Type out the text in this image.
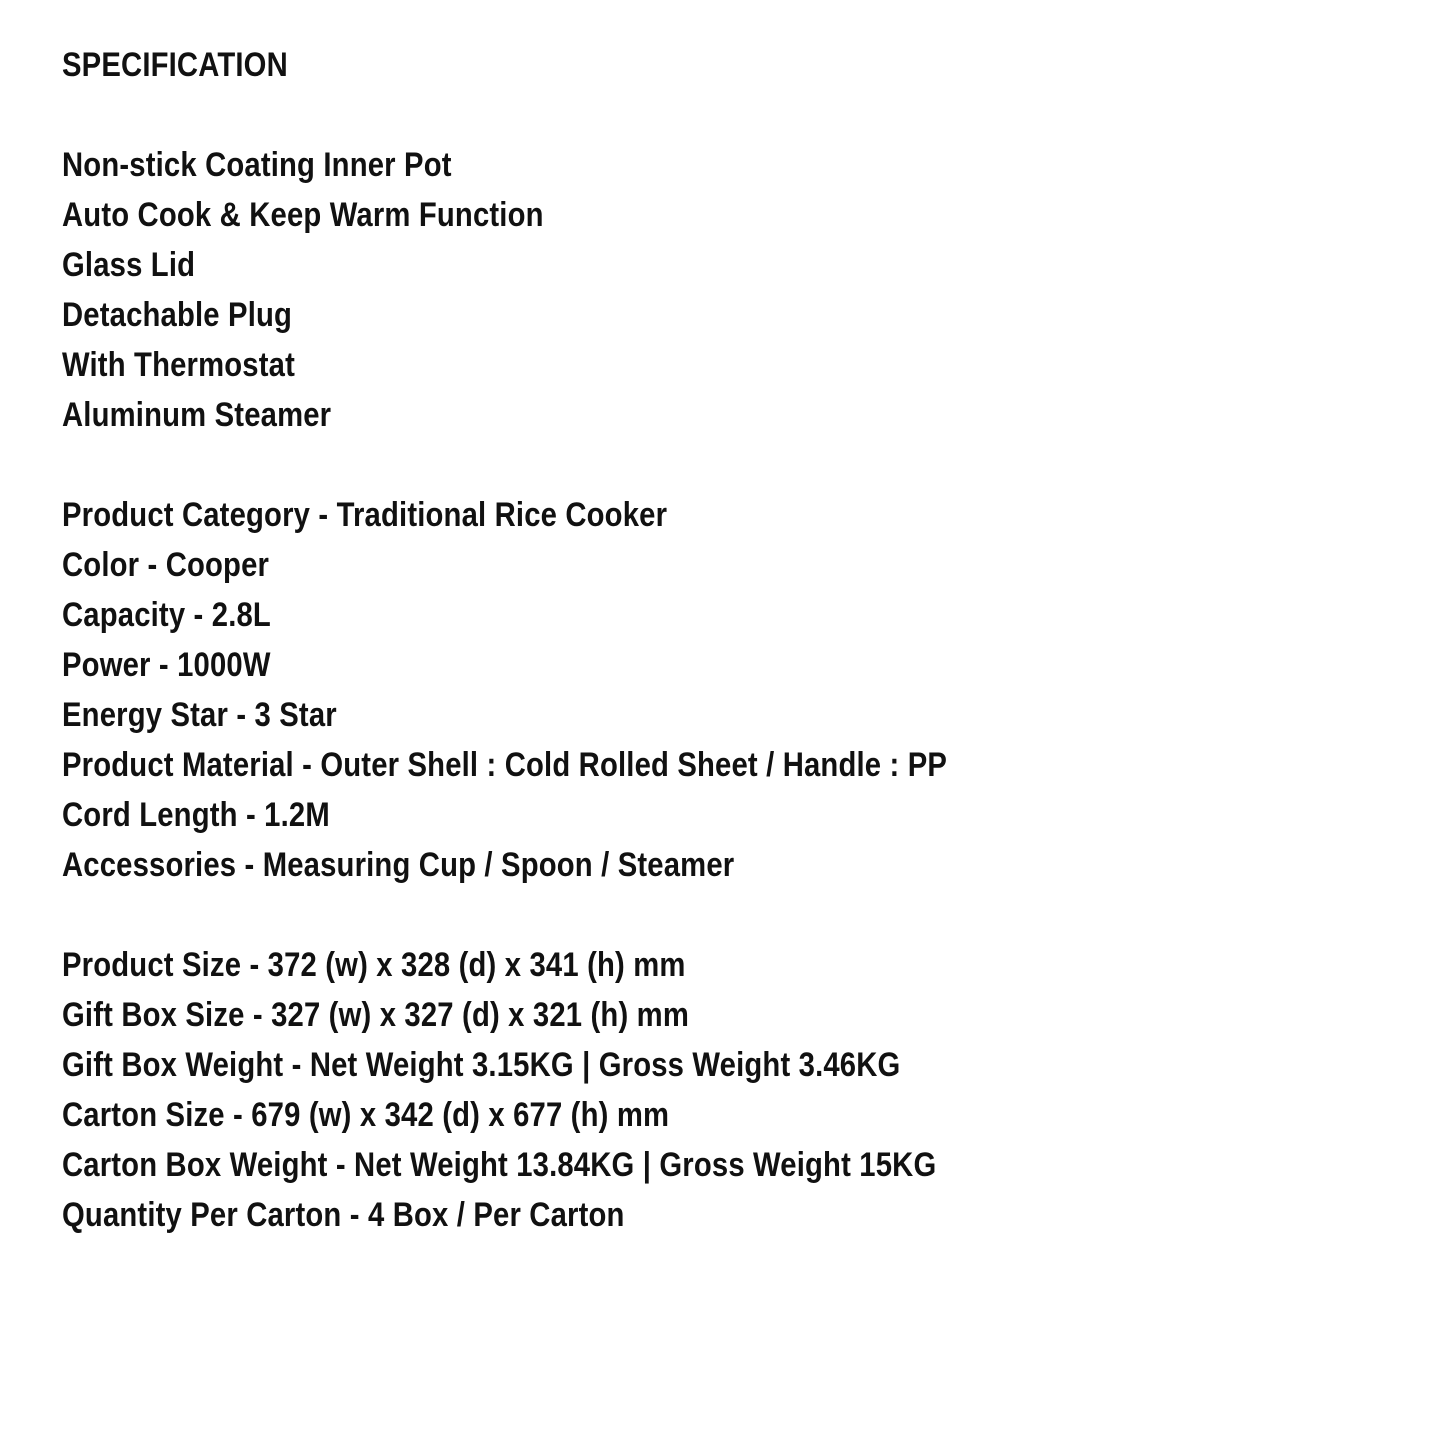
SPECIFICATION
Non-stick Coating Inner Pot
Auto Cook & Keep Warm Function
Glass Lid
Detachable Plug
With Thermostat
Aluminum Steamer
Product Category - Traditional Rice Cooker
Color - Cooper
Capacity - 2.8L
Power - 1000W
Energy Star - 3 Star
Product Material - Outer Shell : Cold Rolled Sheet / Handle : PP
Cord Length - 1.2M
Accessories - Measuring Cup / Spoon / Steamer
Product Size - 372 (w) x 328 (d) x 341 (h) mm
Gift Box Size - 327 (w) x 327 (d) x 321 (h) mm
Gift Box Weight - Net Weight 3.15KG | Gross Weight 3.46KG
Carton Size - 679 (w) x 342 (d) x 677 (h) mm
Carton Box Weight - Net Weight 13.84KG | Gross Weight 15KG
Quantity Per Carton - 4 Box / Per Carton
